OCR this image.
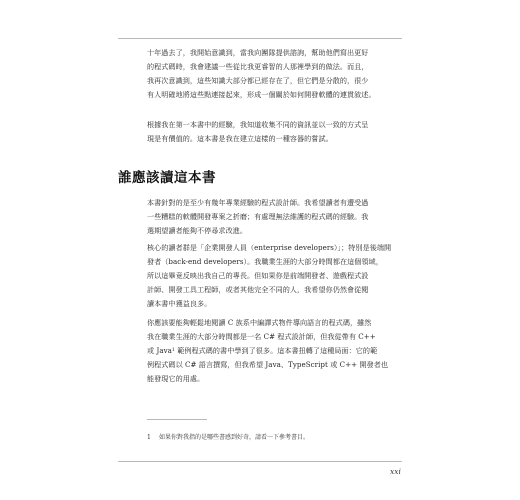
十年過去了，我開始意識到，當我向團隊提供諮詢，幫助他們寫出更好
的程式碼時，我會建議一些從比我更睿智的人那裡學到的做法。而且，
我再次意識到，這些知識大部分都已經存在了，但它們是分散的，很少
有人明確地將這些點連接起來，形成一個關於如何開發軟體的連貫敘述。
根據我在第一本書中的經驗，我知道收集不同的資訊並以一致的方式呈
現是有價值的。這本書是我在建立這樣的一種容器的嘗試。
誰應該讀這本書
本書針對的是至少有幾年專業經驗的程式設計師。我希望讀者有遭受過
一些糟糕的軟體開發專案之折磨；有處理無法維護的程式碼的經驗。我
選期望讀者能夠不停尋求改進。
核心的讀者群是「企業開發人員（enterprise developers）」；特別是後端開
發者（back-end developers）。我職業生涯的大部分時間都在這個領域，
所以這畢竟反映出我自己的專長。但如果你是前端開發者、遊戲程式設
計師、開發工具工程師，或者其他完全不同的人，我希望你仍然會從閱
讀本書中獲益良多。
你應該要能夠輕鬆地閱讀 C 族系中編譯式物件導向語言的程式碼，雖然
我在職業生涯的大部分時間都是一名 C# 程式設計師，但我從帶有 C++
或 Java$^1$ 範例程式碼的書中學到了很多。這本書扭轉了這種局面：它的範
例程式碼以 C# 語言撰寫，但我希望 Java、TypeScript 或 C++ 開發者也
能發現它的用處。

1 如果你對我指的是哪些書感到好奇，請看一下參考書目。

xxi
